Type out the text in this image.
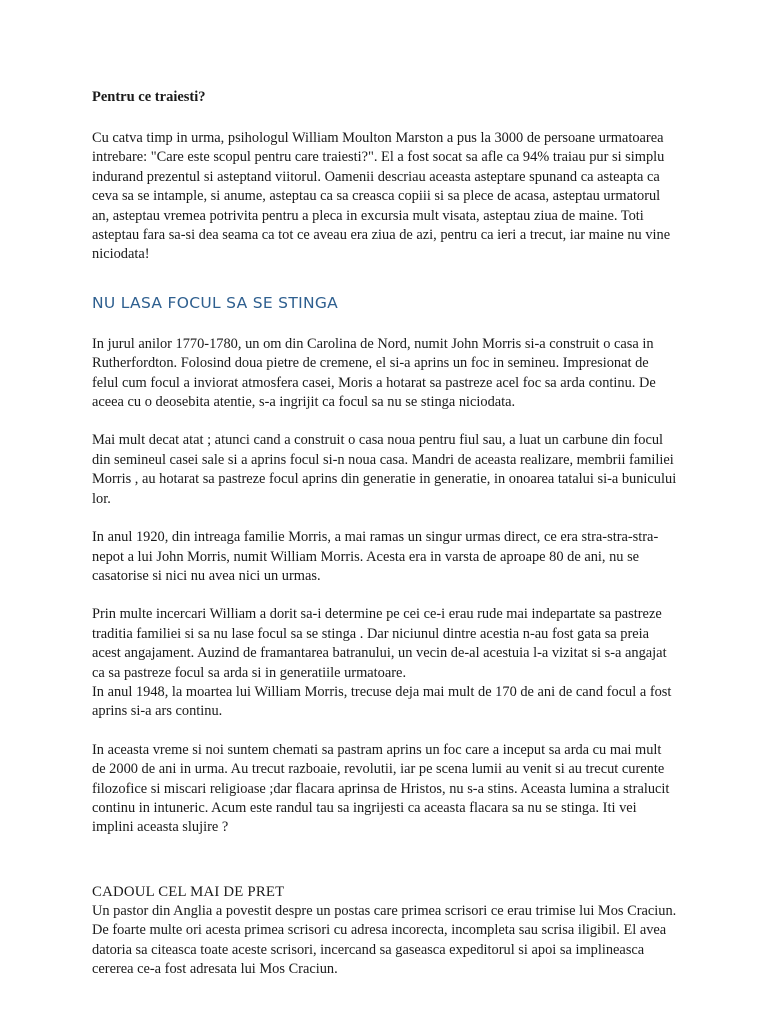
Pentru ce traiesti?

Cu catva timp in urma, psihologul William Moulton Marston a pus la 3000 de persoane urmatoarea intrebare: "Care este scopul pentru care traiesti?". El a fost socat sa afle ca 94% traiau pur si simplu indurand prezentul si asteptand viitorul. Oamenii descriau aceasta asteptare spunand ca asteapta ca ceva sa se intample, si anume, asteptau ca sa creasca copiii si sa plece de acasa, asteptau urmatorul an, asteptau vremea potrivita pentru a pleca in excursia mult visata, asteptau ziua de maine. Toti asteptau fara sa-si dea seama ca tot ce aveau era ziua de azi, pentru ca ieri a trecut, iar maine nu vine niciodata!

NU LASA FOCUL SA SE STINGA

In jurul anilor 1770-1780, un om din Carolina de Nord, numit John Morris si-a construit o casa in Rutherfordton. Folosind doua pietre de cremene, el si-a aprins un foc in semineu. Impresionat de felul cum focul a inviorat atmosfera casei, Moris a hotarat sa pastreze acel foc sa arda continu. De aceea cu o deosebita atentie, s-a ingrijit ca focul sa nu se stinga niciodata.

Mai mult decat atat ; atunci cand a construit o casa noua pentru fiul sau, a luat un carbune din focul din semineul casei sale si a aprins focul si-n noua casa. Mandri de aceasta realizare, membrii familiei Morris , au hotarat sa pastreze focul aprins din generatie in generatie, in onoarea tatalui si-a bunicului lor.

In anul 1920, din intreaga familie Morris, a mai ramas un singur urmas direct, ce era stra-stra-stra-nepot a lui John Morris, numit William Morris. Acesta era in varsta de aproape 80 de ani, nu se casatorise si nici nu avea nici un urmas.

Prin multe incercari William a dorit sa-i determine pe cei ce-i erau rude mai indepartate sa pastreze traditia familiei si sa nu lase focul sa se stinga . Dar niciunul dintre acestia n-au fost gata sa preia acest angajament. Auzind de framantarea batranului, un vecin de-al acestuia l-a vizitat si s-a angajat ca sa pastreze focul sa arda si in generatiile urmatoare.

In anul 1948, la moartea lui William Morris, trecuse deja mai mult de 170 de ani de cand focul a fost aprins si-a ars continu.

In aceasta vreme si noi suntem chemati sa pastram aprins un foc care a inceput sa arda cu mai mult de 2000 de ani in urma. Au trecut razboaie, revolutii, iar pe scena lumii au venit si au trecut curente filozofice si miscari religioase ;dar flacara aprinsa de Hristos, nu s-a stins. Aceasta lumina a stralucit continu in intuneric. Acum este randul tau sa ingrijesti ca aceasta flacara sa nu se stinga. Iti vei implini aceasta slujire ?

CADOUL CEL MAI DE PRET

Un pastor din Anglia a povestit despre un postas care primea scrisori ce erau trimise lui Mos Craciun. De foarte multe ori acesta primea scrisori cu adresa incorecta, incompleta sau scrisa iligibil. El avea datoria sa citeasca toate aceste scrisori, incercand sa gaseasca expeditorul si apoi sa implineasca cererea ce-a fost adresata lui Mos Craciun.
